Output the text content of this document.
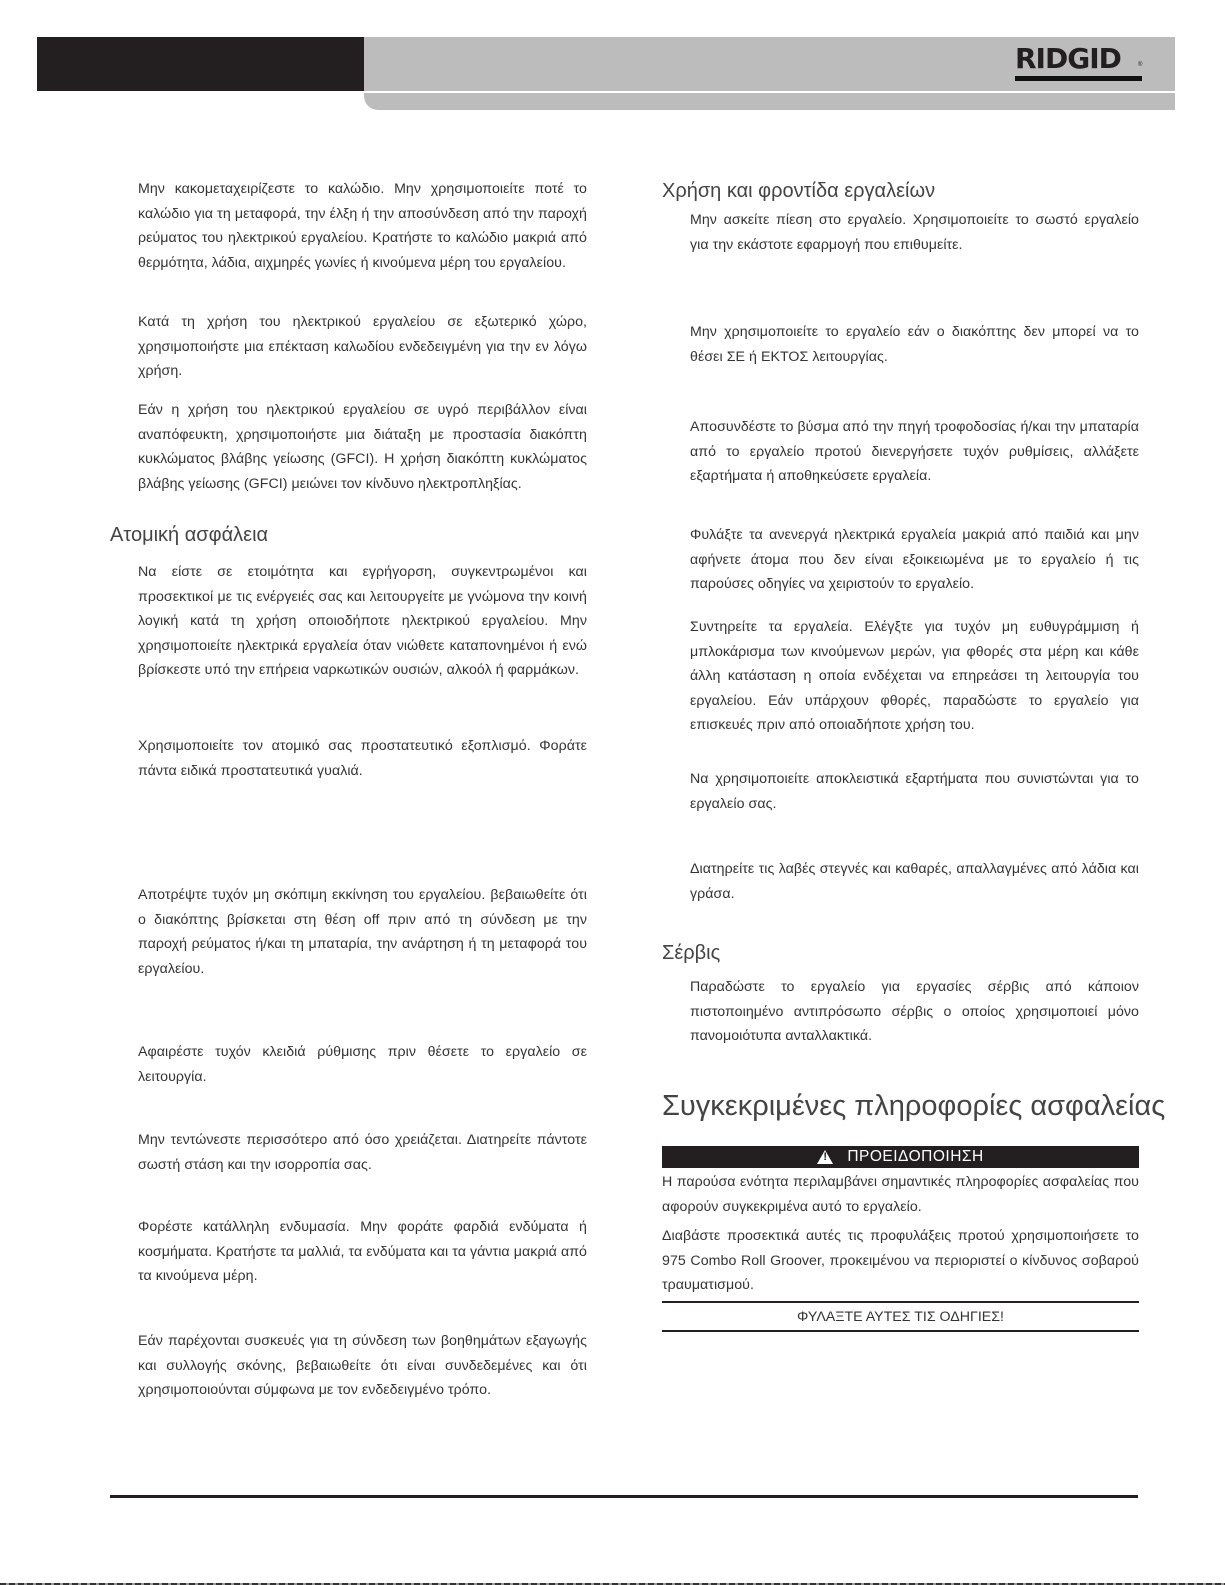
RIDGID	®

Μην κακομεταχειρίζεστε το καλώδιο. Μην χρησιμοποιείτε ποτέ το καλώδιο για τη μεταφορά, την έλξη ή την αποσύνδεση από την παροχή ρεύματος του ηλεκτρικού εργαλείου. Κρατήστε το καλώδιο μακριά από θερμότητα, λάδια, αιχμηρές γωνίες ή κινούμενα μέρη του εργαλείου.

Κατά τη χρήση του ηλεκτρικού εργαλείου σε εξωτερικό χώρο, χρησιμοποιήστε μια επέκταση καλωδίου ενδεδειγμένη για την εν λόγω χρήση.

Εάν η χρήση του ηλεκτρικού εργαλείου σε υγρό περιβάλλον είναι αναπόφευκτη, χρησιμοποιήστε μια διάταξη με προστασία διακόπτη κυκλώματος βλάβης γείωσης (GFCI). Η χρήση διακόπτη κυκλώματος βλάβης γείωσης (GFCI) μειώνει τον κίνδυνο ηλεκτροπληξίας.

Ατομική ασφάλεια

Να είστε σε ετοιμότητα και εγρήγορση, συγκεντρωμένοι και προσεκτικοί με τις ενέργειές σας και λειτουργείτε με γνώμονα την κοινή λογική κατά τη χρήση οποιοδήποτε ηλεκτρικού εργαλείου. Μην χρησιμοποιείτε ηλεκτρικά εργαλεία όταν νιώθετε καταπονημένοι ή ενώ βρίσκεστε υπό την επήρεια ναρκωτικών ουσιών, αλκοόλ ή φαρμάκων.

Χρησιμοποιείτε τον ατομικό σας προστατευτικό εξοπλισμό. Φοράτε πάντα ειδικά προστατευτικά γυαλιά.

Αποτρέψτε τυχόν μη σκόπιμη εκκίνηση του εργαλείου. βεβαιωθείτε ότι ο διακόπτης βρίσκεται στη θέση off πριν από τη σύνδεση με την παροχή ρεύματος ή/και τη μπαταρία, την ανάρτηση ή τη μεταφορά του εργαλείου.

Αφαιρέστε τυχόν κλειδιά ρύθμισης πριν θέσετε το εργαλείο σε λειτουργία.

Μην τεντώνεστε περισσότερο από όσο χρειάζεται. Διατηρείτε πάντοτε σωστή στάση και την ισορροπία σας.

Φορέστε κατάλληλη ενδυμασία. Μην φοράτε φαρδιά ενδύματα ή κοσμήματα. Κρατήστε τα μαλλιά, τα ενδύματα και τα γάντια μακριά από τα κινούμενα μέρη.

Εάν παρέχονται συσκευές για τη σύνδεση των βοηθημάτων εξαγωγής και συλλογής σκόνης, βεβαιωθείτε ότι είναι συνδεδεμένες και ότι χρησιμοποιούνται σύμφωνα με τον ενδεδειγμένο τρόπο.

Χρήση και φροντίδα εργαλείων

Μην ασκείτε πίεση στο εργαλείο. Χρησιμοποιείτε το σωστό εργαλείο για την εκάστοτε εφαρμογή που επιθυμείτε.

Μην χρησιμοποιείτε το εργαλείο εάν ο διακόπτης δεν μπορεί να το θέσει ΣΕ ή ΕΚΤΟΣ λειτουργίας.

Αποσυνδέστε το βύσμα από την πηγή τροφοδοσίας ή/και την μπαταρία από το εργαλείο προτού διενεργήσετε τυχόν ρυθμίσεις, αλλάξετε εξαρτήματα ή αποθηκεύσετε εργαλεία.

Φυλάξτε τα ανενεργά ηλεκτρικά εργαλεία μακριά από παιδιά και μην αφήνετε άτομα που δεν είναι εξοικειωμένα με το εργαλείο ή τις παρούσες οδηγίες να χειριστούν το εργαλείο.

Συντηρείτε τα εργαλεία. Ελέγξτε για τυχόν μη ευθυγράμμιση ή μπλοκάρισμα των κινούμενων μερών, για φθορές στα μέρη και κάθε άλλη κατάσταση η οποία ενδέχεται να επηρεάσει τη λειτουργία του εργαλείου. Εάν υπάρχουν φθορές, παραδώστε το εργαλείο για επισκευές πριν από οποιαδήποτε χρήση του.

Να χρησιμοποιείτε αποκλειστικά εξαρτήματα που συνιστώνται για το εργαλείο σας.

Διατηρείτε τις λαβές στεγνές και καθαρές, απαλλαγμένες από λάδια και γράσα.

Σέρβις

Παραδώστε το εργαλείο για εργασίες σέρβις από κάποιον πιστοποιημένο αντιπρόσωπο σέρβις ο οποίος χρησιμοποιεί μόνο πανομοιότυπα ανταλλακτικά.

Συγκεκριμένες πληροφορίες ασφαλείας
!
ΠΡΟΕΙΔΟΠΟΙΗΣΗ

Η παρούσα ενότητα περιλαμβάνει σημαντικές πληροφορίες ασφαλείας που αφορούν συγκεκριμένα αυτό το εργαλείο.

Διαβάστε προσεκτικά αυτές τις προφυλάξεις προτού χρησιμοποιήσετε το 975 Combo Roll Groover, προκειμένου να περιοριστεί ο κίνδυνος σοβαρού τραυματισμού.

ΦΥΛΑΞΤΕ ΑΥΤΕΣ ΤΙΣ ΟΔΗΓΙΕΣ!
